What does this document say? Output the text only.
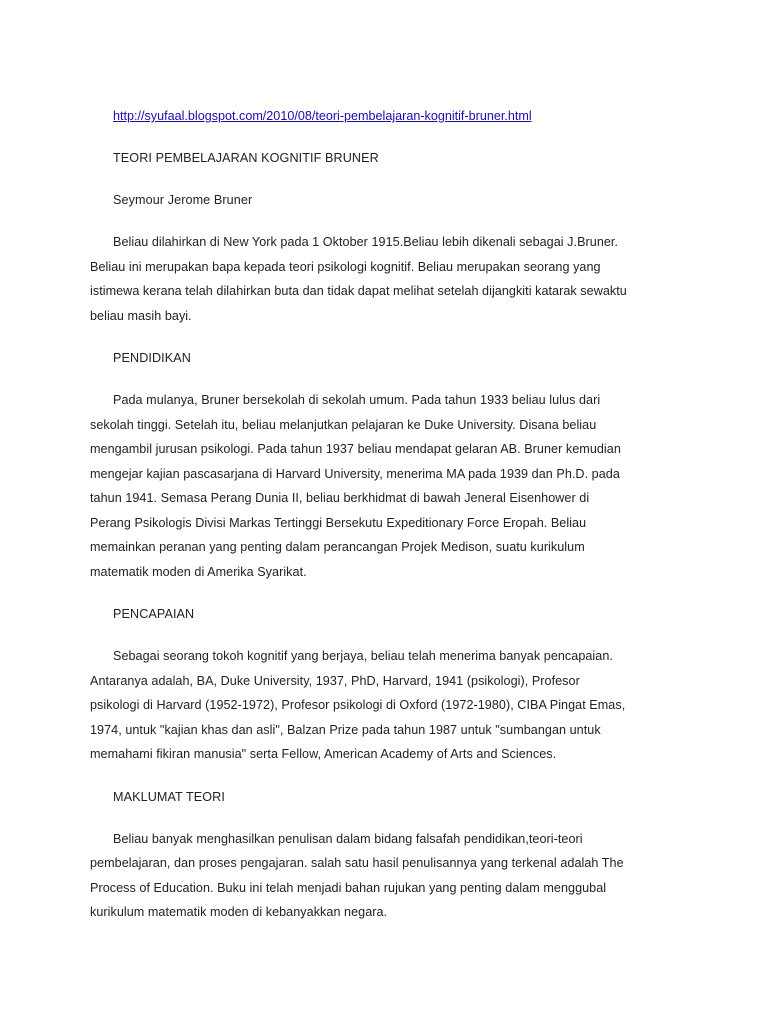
http://syufaal.blogspot.com/2010/08/teori-pembelajaran-kognitif-bruner.html

TEORI PEMBELAJARAN KOGNITIF BRUNER

Seymour Jerome Bruner

Beliau dilahirkan di New York pada 1 Oktober 1915.Beliau lebih dikenali sebagai J.Bruner.
Beliau ini merupakan bapa kepada teori psikologi kognitif. Beliau merupakan seorang yang
istimewa kerana telah dilahirkan buta dan tidak dapat melihat setelah dijangkiti katarak sewaktu
beliau masih bayi.

PENDIDIKAN

Pada mulanya, Bruner bersekolah di sekolah umum. Pada tahun 1933 beliau lulus dari
sekolah tinggi. Setelah itu, beliau melanjutkan pelajaran ke Duke University. Disana beliau
mengambil jurusan psikologi. Pada tahun 1937 beliau mendapat gelaran AB. Bruner kemudian
mengejar kajian pascasarjana di Harvard University, menerima MA pada 1939 dan Ph.D. pada
tahun 1941. Semasa Perang Dunia II, beliau berkhidmat di bawah Jeneral Eisenhower di
Perang Psikologis Divisi Markas Tertinggi Bersekutu Expeditionary Force Eropah. Beliau
memainkan peranan yang penting dalam perancangan Projek Medison, suatu kurikulum
matematik moden di Amerika Syarikat.

PENCAPAIAN

Sebagai seorang tokoh kognitif yang berjaya, beliau telah menerima banyak pencapaian.
Antaranya adalah, BA, Duke University, 1937, PhD, Harvard, 1941 (psikologi), Profesor
psikologi di Harvard (1952-1972), Profesor psikologi di Oxford (1972-1980), CIBA Pingat Emas,
1974, untuk "kajian khas dan asli", Balzan Prize pada tahun 1987 untuk "sumbangan untuk
memahami fikiran manusia" serta Fellow, American Academy of Arts and Sciences.

MAKLUMAT TEORI

Beliau banyak menghasilkan penulisan dalam bidang falsafah pendidikan,teori-teori
pembelajaran, dan proses pengajaran. salah satu hasil penulisannya yang terkenal adalah The
Process of Education. Buku ini telah menjadi bahan rujukan yang penting dalam menggubal
kurikulum matematik moden di kebanyakkan negara.
